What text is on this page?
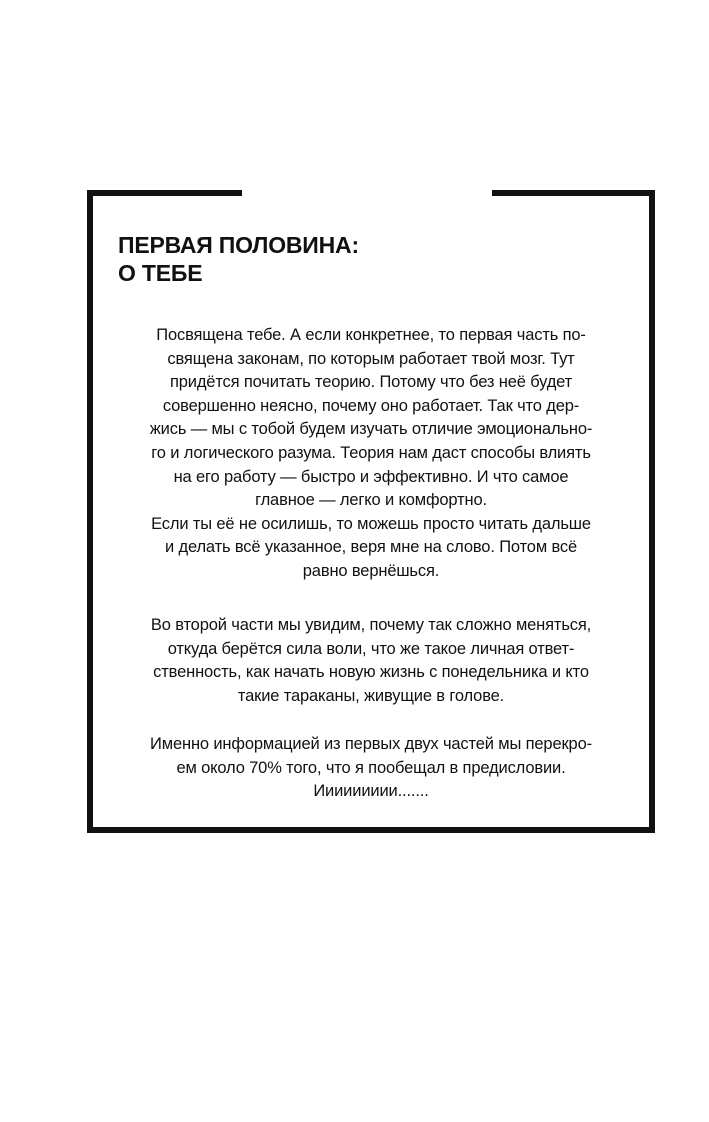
ПЕРВАЯ ПОЛОВИНА:
О ТЕБЕ
Посвящена тебе. А если конкретнее, то первая часть по-
священа законам, по которым работает твой мозг. Тут
придётся почитать теорию. Потому что без неё будет
совершенно неясно, почему оно работает. Так что дер-
жись — мы с тобой будем изучать отличие эмоционально-
го и логического разума. Теория нам даст способы влиять
на его работу — быстро и эффективно. И что самое
главное — легко и комфортно.
Если ты её не осилишь, то можешь просто читать дальше
и делать всё указанное, веря мне на слово. Потом всё
равно вернёшься.
Во второй части мы увидим, почему так сложно меняться,
откуда берётся сила воли, что же такое личная ответ-
ственность, как начать новую жизнь с понедельника и кто
такие тараканы, живущие в голове.
Именно информацией из первых двух частей мы перекро-
ем около 70% того, что я пообещал в предисловии.
Иииииииии.......
